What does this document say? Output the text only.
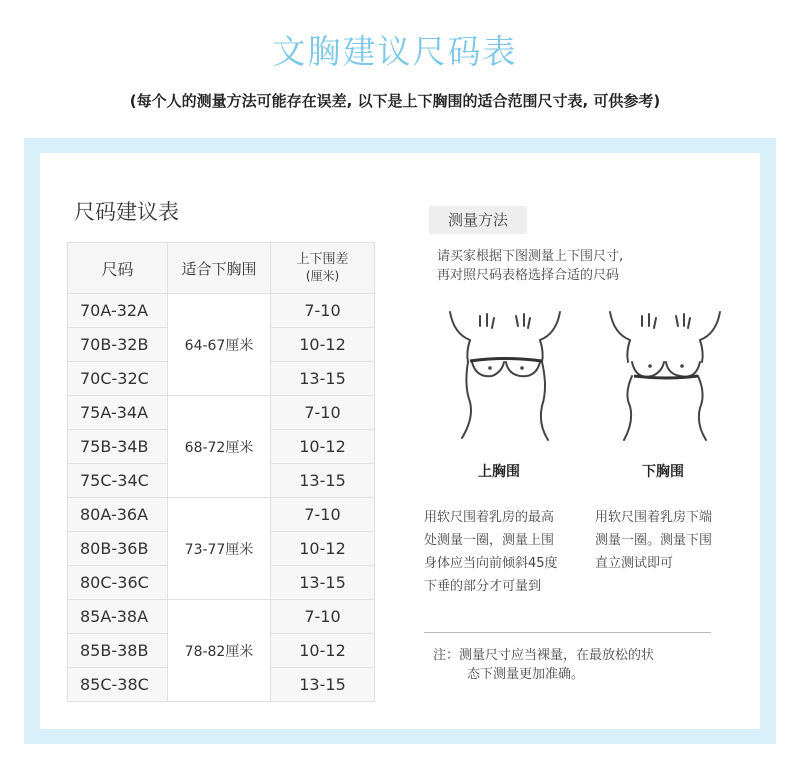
文胸建议尺码表
(每个人的测量方法可能存在误差, 以下是上下胸围的适合范围尺寸表, 可供参考)
尺码建议表
尺码	适合下胸围	上下围差
(厘米)

70A-32A	64-67厘米	7-10
70B-32B		10-12
70C-32C		13-15
75A-34A	68-72厘米	7-10
75B-34B		10-12
75C-34C		13-15
80A-36A	73-77厘米	7-10
80B-36B		10-12
80C-36C		13-15
85A-38A	78-82厘米	7-10
85B-38B		10-12
85C-38C		13-15
测量方法
请买家根据下图测量上下围尺寸,
再对照尺码表格选择合适的尺码
上胸围	下胸围
用软尺围着乳房的最高
处测量一圈，测量上围
身体应当向前倾斜45度
下垂的部分才可量到
用软尺围着乳房下端
测量一圈。测量下围
直立测试即可
注：测量尺寸应当裸量，在最放松的状
态下测量更加准确。
